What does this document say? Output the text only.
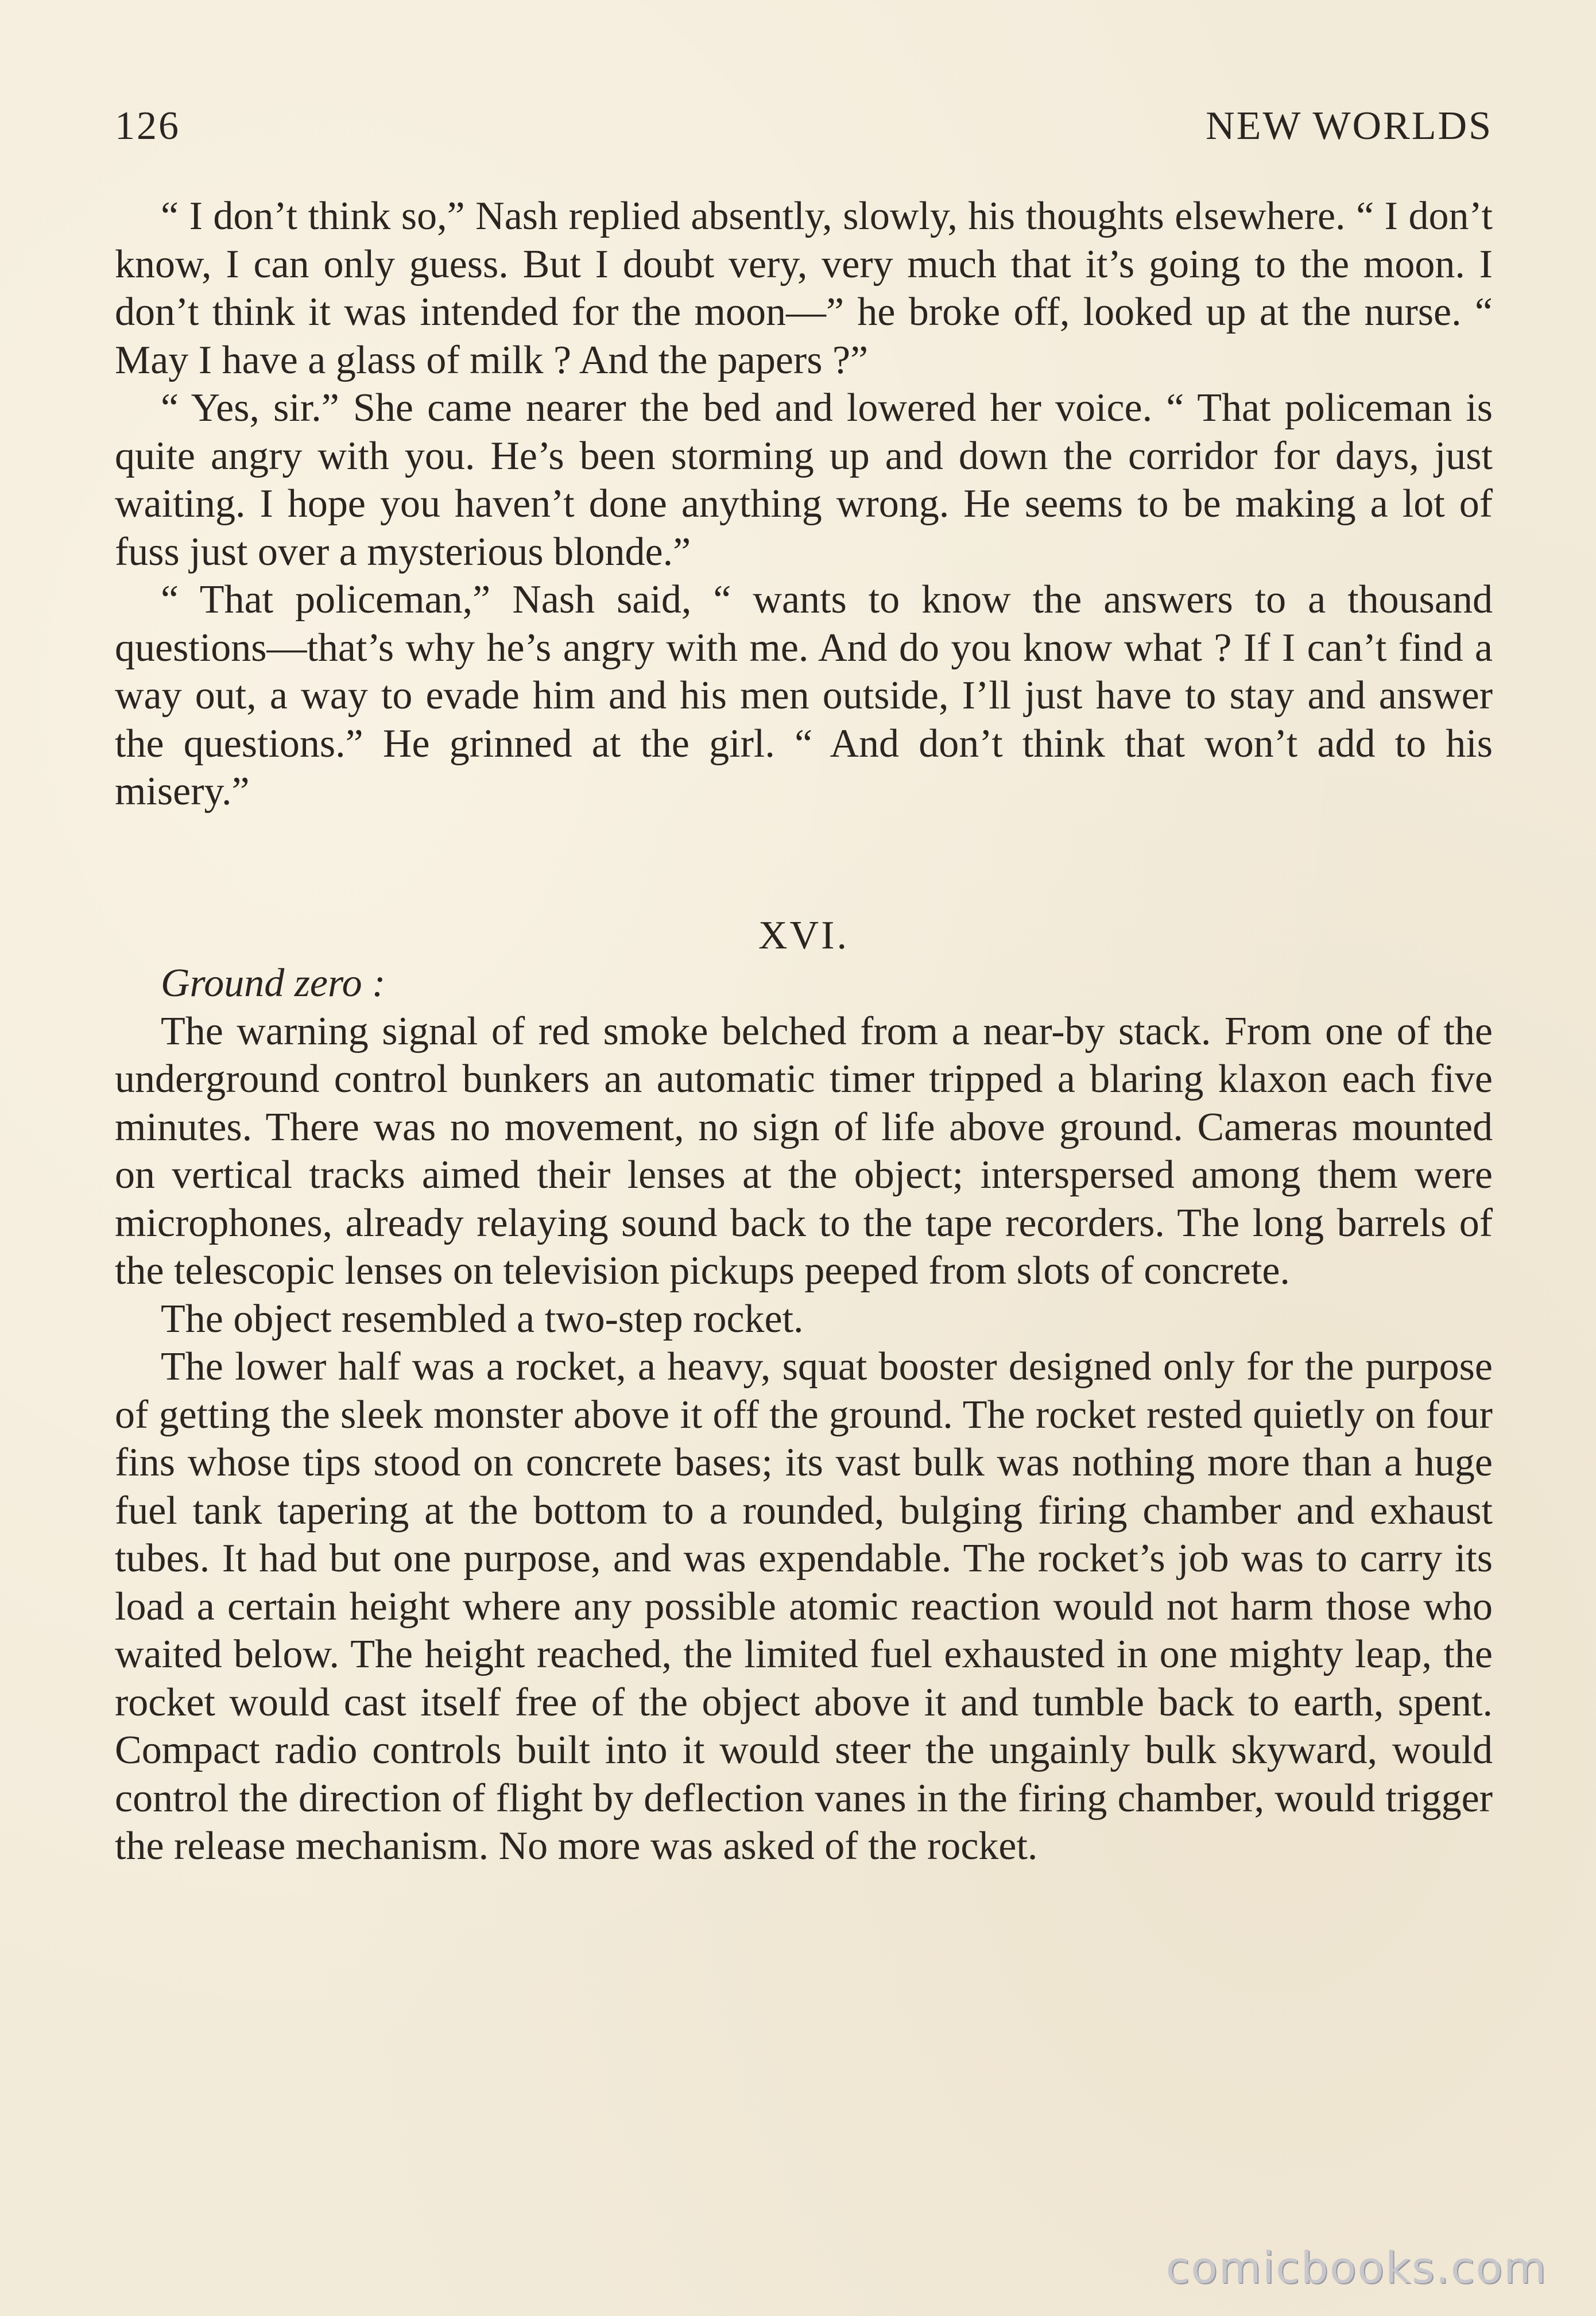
126	NEW WORLDS

“ I don’t think so,” Nash replied absently, slowly, his thoughts elsewhere. “ I don’t know, I can only guess. But I doubt very, very much that it’s going to the moon. I don’t think it was intended for the moon—” he broke off, looked up at the nurse. “ May I have a glass of milk ? And the papers ?”

“ Yes, sir.” She came nearer the bed and lowered her voice. “ That policeman is quite angry with you. He’s been storming up and down the corridor for days, just waiting. I hope you haven’t done anything wrong. He seems to be making a lot of fuss just over a mysterious blonde.”

“ That policeman,” Nash said, “ wants to know the answers to a thousand questions—that’s why he’s angry with me. And do you know what ? If I can’t find a way out, a way to evade him and his men outside, I’ll just have to stay and answer the questions.” He grinned at the girl. “ And don’t think that won’t add to his misery.”

XVI.

Ground zero :

The warning signal of red smoke belched from a near-by stack. From one of the underground control bunkers an automatic timer tripped a blaring klaxon each five minutes. There was no movement, no sign of life above ground. Cameras mounted on vertical tracks aimed their lenses at the object; interspersed among them were microphones, already relaying sound back to the tape recorders. The long barrels of the telescopic lenses on television pickups peeped from slots of concrete.

The object resembled a two-step rocket.

The lower half was a rocket, a heavy, squat booster designed only for the purpose of getting the sleek monster above it off the ground. The rocket rested quietly on four fins whose tips stood on concrete bases; its vast bulk was nothing more than a huge fuel tank tapering at the bottom to a rounded, bulging firing chamber and exhaust tubes. It had but one purpose, and was expendable. The rocket’s job was to carry its load a certain height where any possible atomic reaction would not harm those who waited below. The height reached, the limited fuel exhausted in one mighty leap, the rocket would cast itself free of the object above it and tumble back to earth, spent. Compact radio controls built into it would steer the ungainly bulk skyward, would control the direction of flight by deflection vanes in the firing chamber, would trigger the release mechanism. No more was asked of the rocket.

comicbooks.com
